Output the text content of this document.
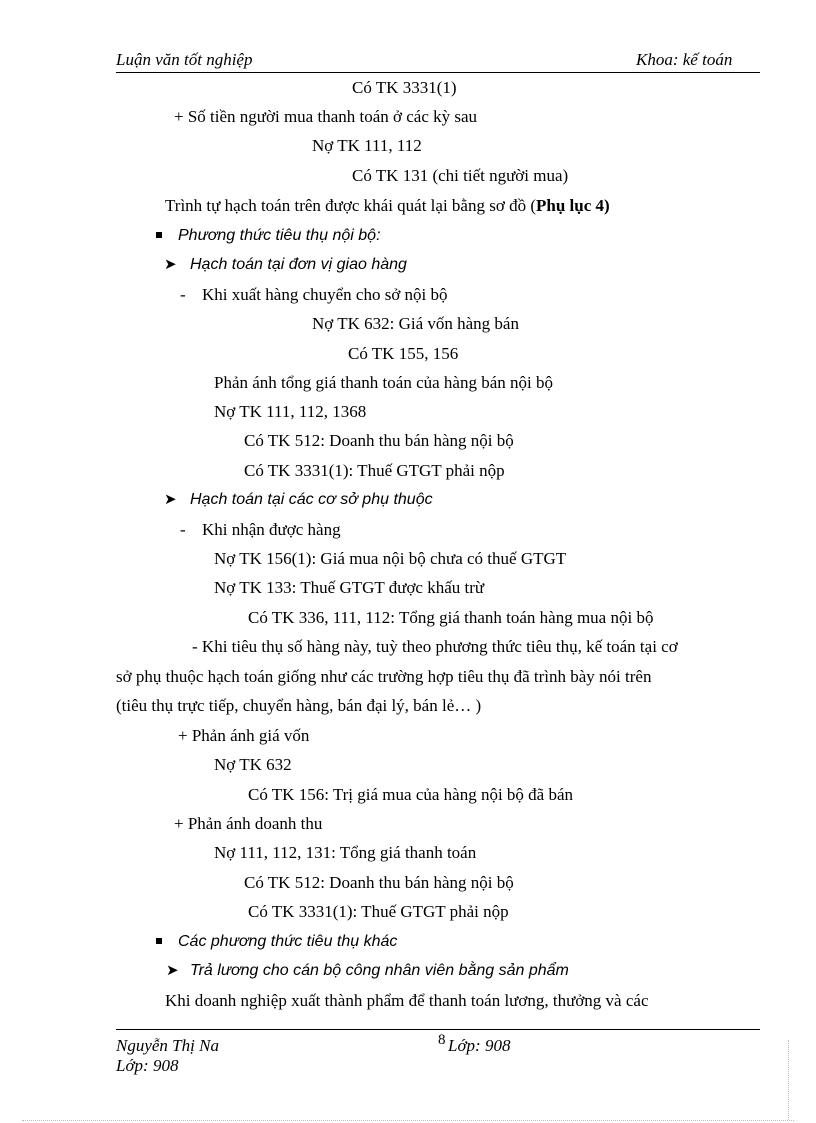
Luận văn tốt nghiệp	Khoa: kế toán
Có TK 3331(1)
+ Số tiền người mua thanh toán ở các kỳ sau
Nợ TK 111, 112
Có TK 131 (chi tiết người mua)
Trình tự hạch toán trên được khái quát lại bằng sơ đồ (Phụ lục 4)
Phương thức tiêu thụ nội bộ:
➤ Hạch toán tại đơn vị giao hàng
- Khi xuất hàng chuyển cho sở nội bộ
Nợ TK 632: Giá vốn hàng bán
Có TK 155, 156
Phản ánh tổng giá thanh toán của hàng bán nội bộ
Nợ TK 111, 112, 1368
Có TK 512: Doanh thu bán hàng nội bộ
Có TK 3331(1): Thuế GTGT phải nộp
➤ Hạch toán tại các cơ sở phụ thuộc
- Khi nhận được hàng
Nợ TK 156(1): Giá mua nội bộ chưa có thuế GTGT
Nợ TK 133: Thuế GTGT được khấu trừ
Có TK 336, 111, 112: Tổng giá thanh toán hàng mua nội bộ
- Khi tiêu thụ số hàng này, tuỳ theo phương thức tiêu thụ, kế toán tại cơ
sở phụ thuộc hạch toán giống như các trường hợp tiêu thụ đã trình bày nói trên
(tiêu thụ trực tiếp, chuyển hàng, bán đại lý, bán lẻ… )
+ Phản ánh giá vốn
Nợ TK 632
Có TK 156: Trị giá mua của hàng nội bộ đã bán
+ Phản ánh doanh thu
Nợ 111, 112, 131: Tổng giá thanh toán
Có TK 512: Doanh thu bán hàng nội bộ
Có TK 3331(1): Thuế GTGT phải nộp
Các phương thức tiêu thụ khác
➤ Trả lương cho cán bộ công nhân viên bằng sản phẩm
Khi doanh nghiệp xuất thành phẩm để thanh toán lương, thưởng và các
Nguyễn Thị Na	8 Lớp: 908
Lớp: 908
